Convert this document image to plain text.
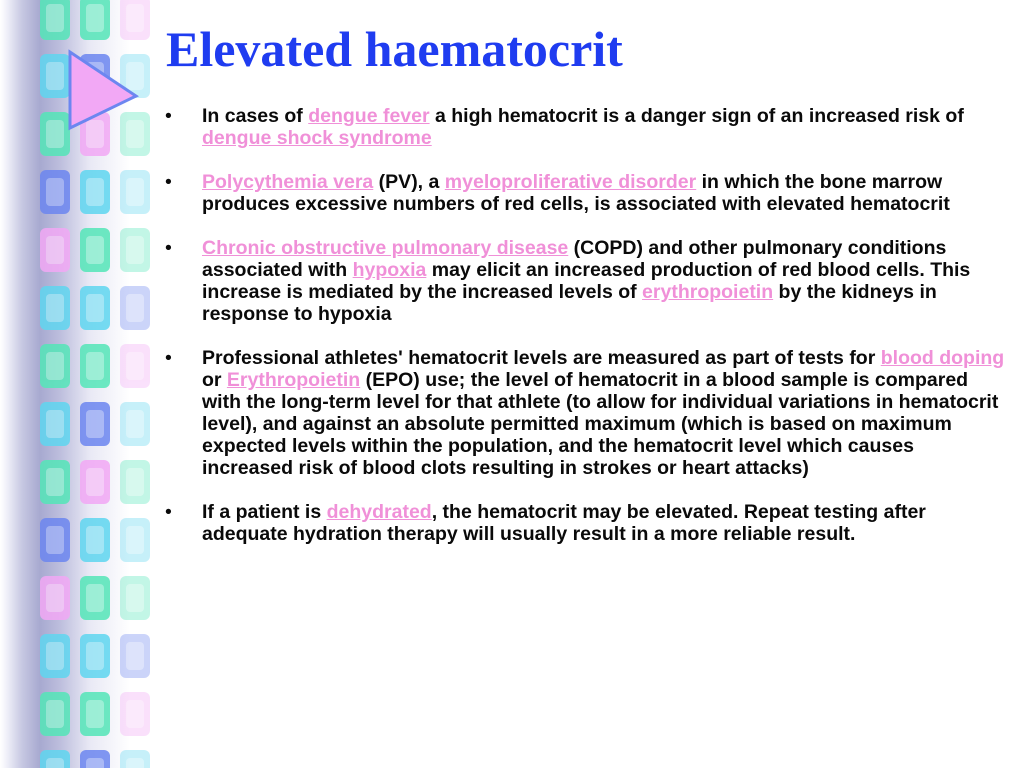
Elevated haematocrit
• In cases of dengue fever a high hematocrit is a danger sign of an increased risk of dengue shock syndrome
• Polycythemia vera (PV), a myeloproliferative disorder in which the bone marrow produces excessive numbers of red cells, is associated with elevated hematocrit
• Chronic obstructive pulmonary disease (COPD) and other pulmonary conditions associated with hypoxia may elicit an increased production of red blood cells. This increase is mediated by the increased levels of erythropoietin by the kidneys in response to hypoxia
• Professional athletes' hematocrit levels are measured as part of tests for blood doping or Erythropoietin (EPO) use; the level of hematocrit in a blood sample is compared with the long-term level for that athlete (to allow for individual variations in hematocrit level), and against an absolute permitted maximum (which is based on maximum expected levels within the population, and the hematocrit level which causes increased risk of blood clots resulting in strokes or heart attacks)
• If a patient is dehydrated, the hematocrit may be elevated. Repeat testing after adequate hydration therapy will usually result in a more reliable result.
